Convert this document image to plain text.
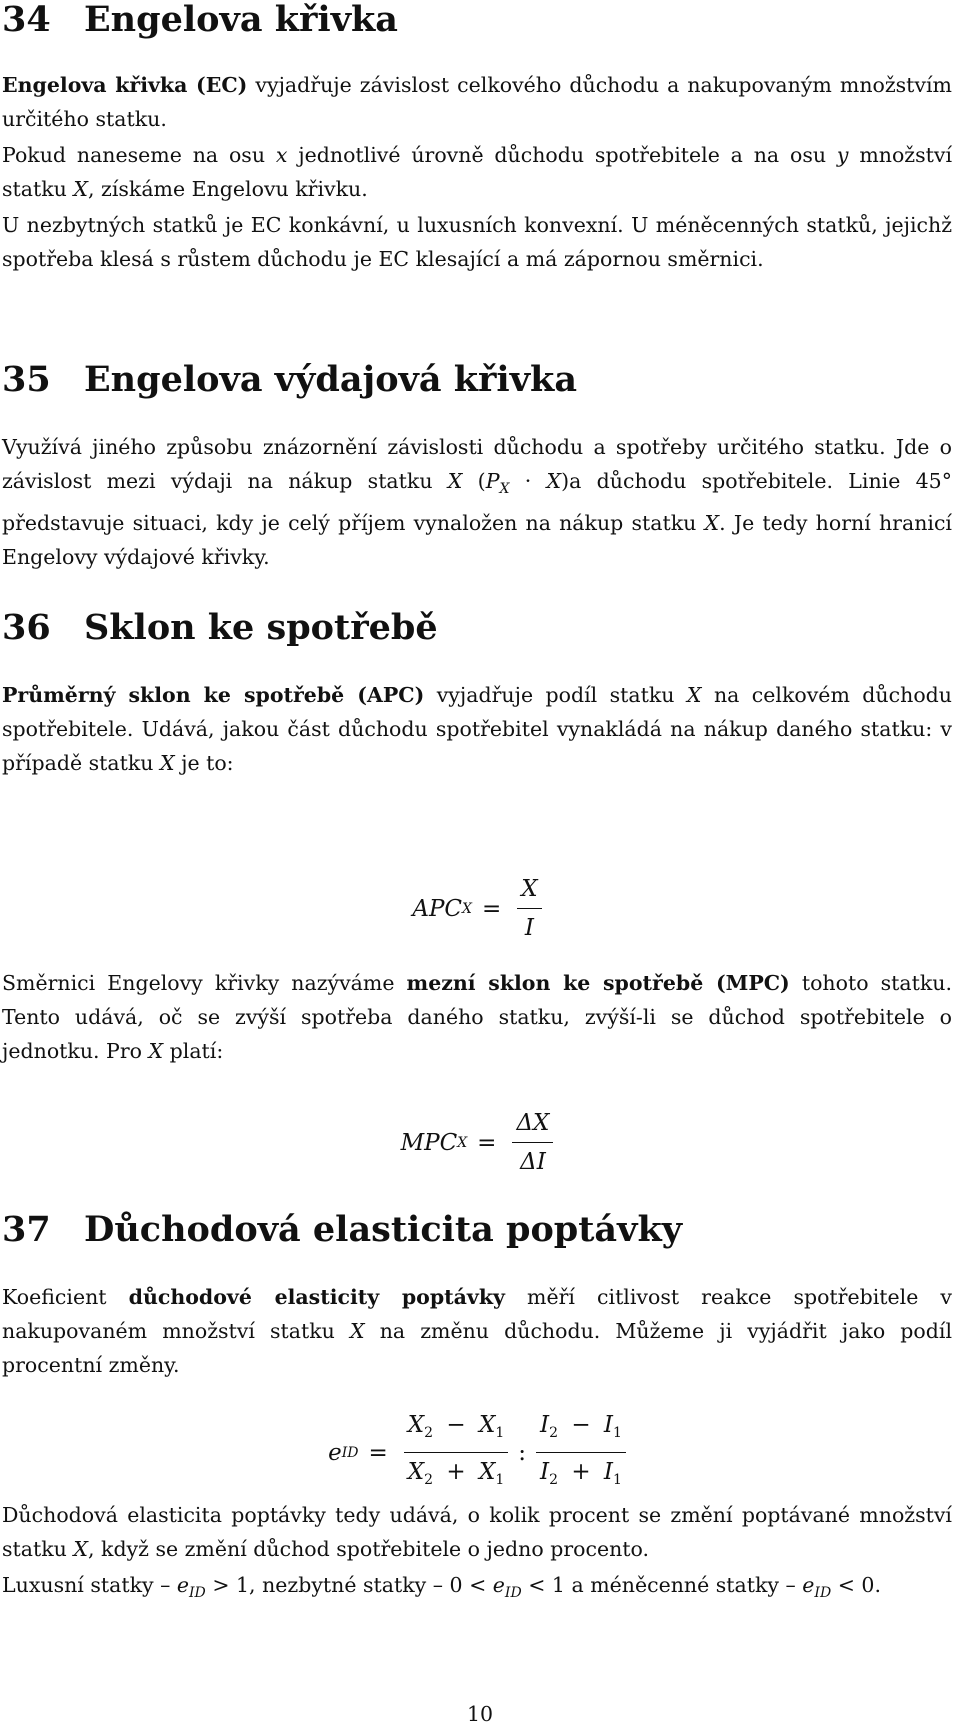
34 Engelova křivka

Engelova křivka (EC) vyjadřuje závislost celkového důchodu a nakupovaným množstvím určitého statku.

Pokud naneseme na osu x jednotlivé úrovně důchodu spotřebitele a na osu y množství statku X, získáme Engelovu křivku.

U nezbytných statků je EC konkávní, u luxusních konvexní. U méněcenných statků, jejichž spotřeba klesá s růstem důchodu je EC klesající a má zápornou směrnici.

35 Engelova výdajová křivka

Využívá jiného způsobu znázornění závislosti důchodu a spotřeby určitého statku. Jde o závislost mezi výdaji na nákup statku X $(P_X \cdot X)a$ důchodu spotřebitele. Linie 45° představuje situaci, kdy je celý příjem vynaložen na nákup statku X. Je tedy horní hranicí Engelovy výdajové křivky.

36 Sklon ke spotřebě

Průměrný sklon ke spotřebě (APC) vyjadřuje podíl statku X na celkovém důchodu spotřebitele. Udává, jakou část důchodu spotřebitel vynakládá na nákup daného statku: v případě statku X je to:

APC $X = \frac{X}{I}$

Směrnici Engelovy křivky nazýváme mezní sklon ke spotřebě (MPC) tohoto statku. Tento udává, oč se zvýší spotřeba daného statku, zvýší-li se důchod spotřebitele o jednotku. Pro X platí:

MPC $X = \frac{\Delta X}{\Delta I}$
37 Důchodová elasticita poptávky

Koeficient důchodové elasticity poptávky měří citlivost reakce spotřebitele v nakupovaném množství statku X na změnu důchodu. Můžeme ji vyjádřit jako podíl procentní změny.

e ID = $\frac{X_2 - X_1}{X_2 + X_1}$ : $\frac{I_2 - I_1}{I_2 + I_1}$

Důchodová elasticita poptávky tedy udává, o kolik procent se změní poptávané množství statku X, když se změní důchod spotřebitele o jedno procento.

Luxusní statky – $e_{ID} > 1$, nezbytné statky – $0 < e_{ID} < 1$ a méněcenné statky – $e_{ID} < 0$.

10
